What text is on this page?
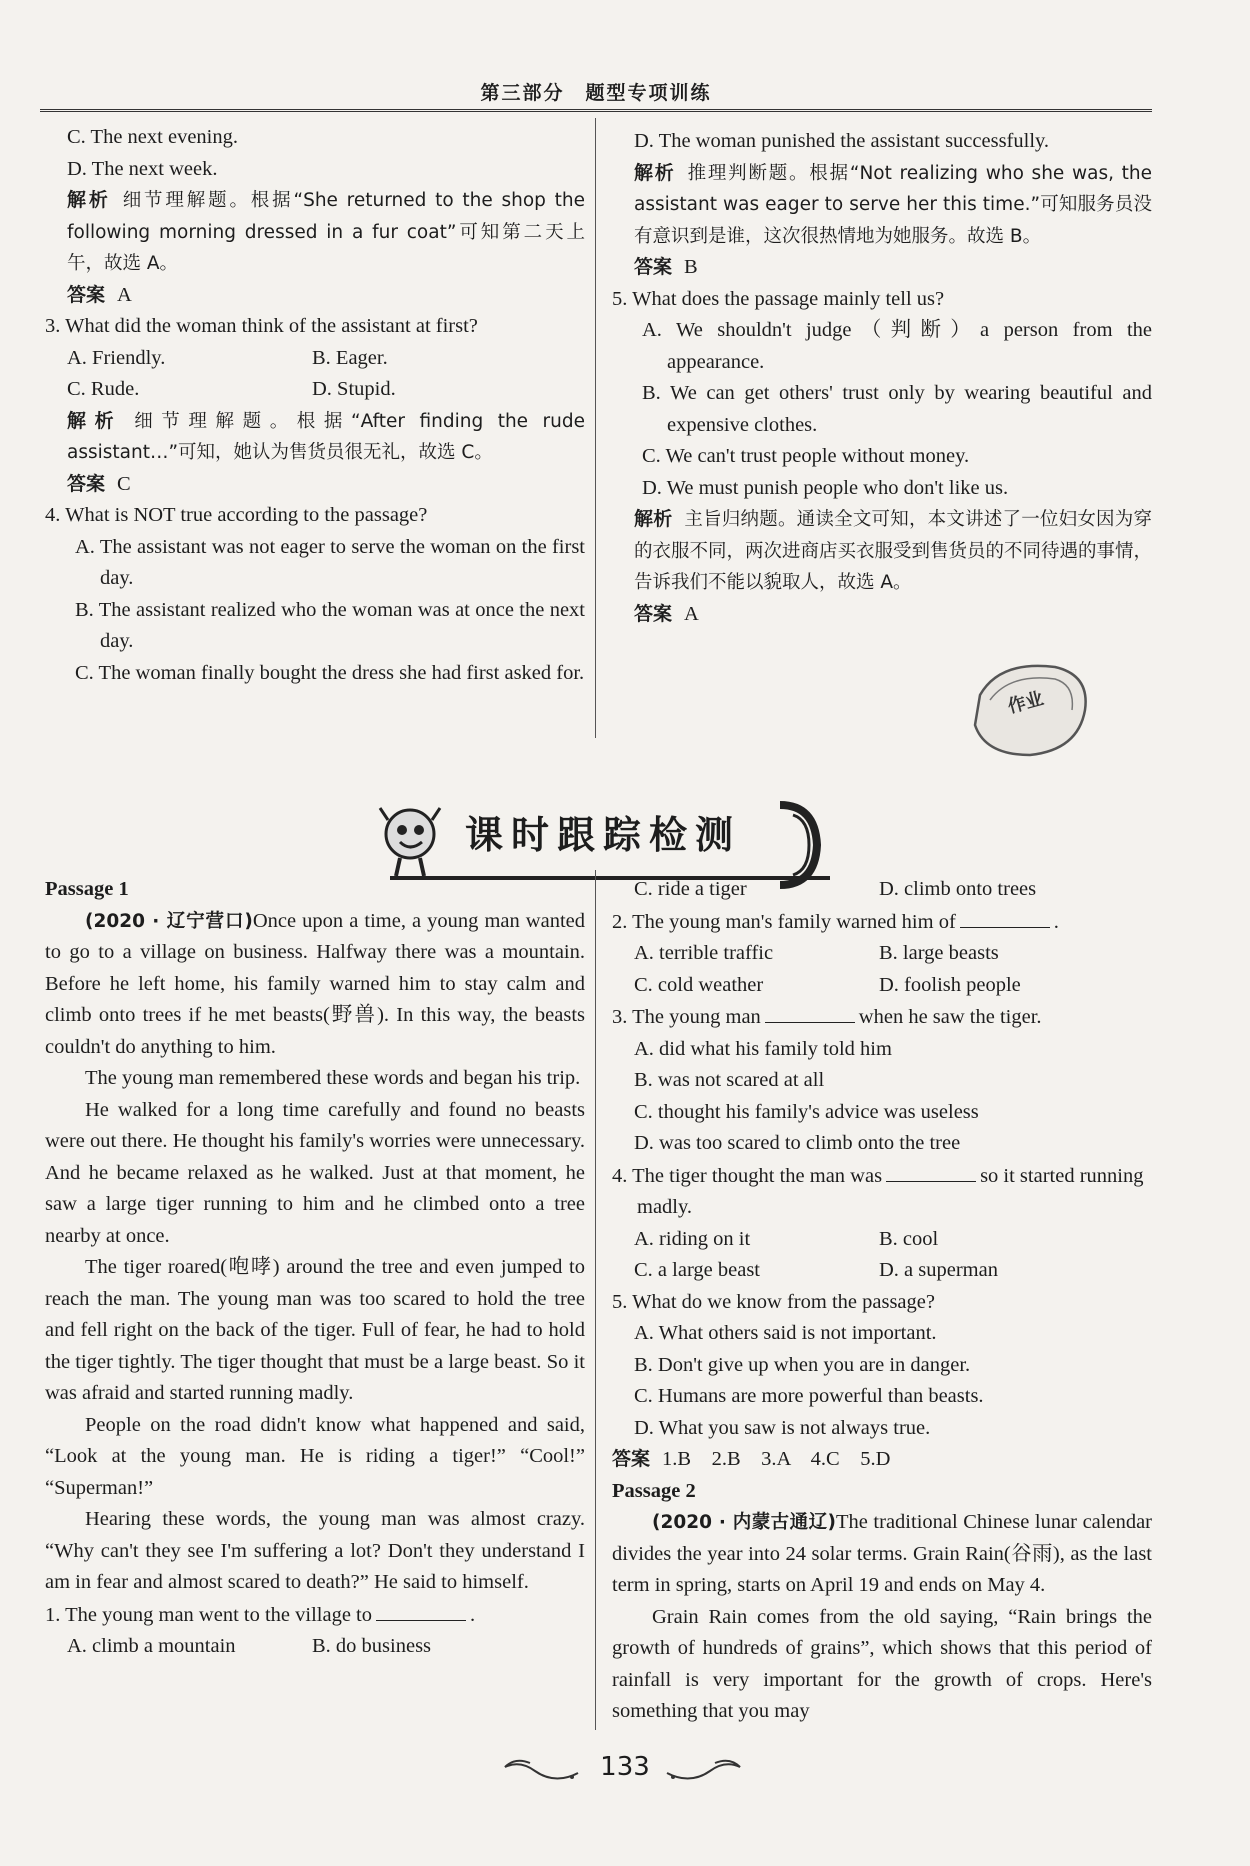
第三部分　题型专项训练

C. The next evening.

D. The next week.

解析 细节理解题。根据“She returned to the shop the following morning dressed in a fur coat”可知第二天上午，故选 A。

答案 A

3. What did the woman think of the assistant at first?

A. Friendly.	B. Eager.

C. Rude.	D. Stupid.

解析 细节理解题。根据“After finding the rude assistant…”可知，她认为售货员很无礼，故选 C。

答案 C

4. What is NOT true according to the passage?

A. The assistant was not eager to serve the woman on the first day.

B. The assistant realized who the woman was at once the next day.

C. The woman finally bought the dress she had first asked for.

D. The woman punished the assistant successfully.

解析 推理判断题。根据“Not realizing who she was, the assistant was eager to serve her this time.”可知服务员没有意识到是谁，这次很热情地为她服务。故选 B。

答案 B

5. What does the passage mainly tell us?

A. We shouldn't judge（判断）a person from the appearance.

B. We can get others' trust only by wearing beautiful and expensive clothes.

C. We can't trust people without money.

D. We must punish people who don't like us.

解析 主旨归纳题。通读全文可知，本文讲述了一位妇女因为穿的衣服不同，两次进商店买衣服受到售货员的不同待遇的事情，告诉我们不能以貌取人，故选 A。

答案 A

作业
课时跟踪检测

Passage 1

(2020 · 辽宁营口)Once upon a time, a young man wanted to go to a village on business. Halfway there was a mountain. Before he left home, his family warned him to stay calm and climb onto trees if he met beasts(野兽). In this way, the beasts couldn't do anything to him.

The young man remembered these words and began his trip.

He walked for a long time carefully and found no beasts were out there. He thought his family's worries were unnecessary. And he became relaxed as he walked. Just at that moment, he saw a large tiger running to him and he climbed onto a tree nearby at once.

The tiger roared(咆哮) around the tree and even jumped to reach the man. The young man was too scared to hold the tree and fell right on the back of the tiger. Full of fear, he had to hold the tiger tightly. The tiger thought that must be a large beast. So it was afraid and started running madly.

People on the road didn't know what happened and said, “Look at the young man. He is riding a tiger!” “Cool!” “Superman!”

Hearing these words, the young man was almost crazy. “Why can't they see I'm suffering a lot? Don't they understand I am in fear and almost scared to death?” He said to himself.

1. The young man went to the village to	.

A. climb a mountain	B. do business

C. ride a tiger	D. climb onto trees

2. The young man's family warned him of	.

A. terrible traffic	B. large beasts

C. cold weather	D. foolish people

3. The young man	when he saw the tiger.

A. did what his family told him

B. was not scared at all

C. thought his family's advice was useless

D. was too scared to climb onto the tree

4. The tiger thought the man was	so it started running madly.

A. riding on it	B. cool

C. a large beast	D. a superman

5. What do we know from the passage?

A. What others said is not important.

B. Don't give up when you are in danger.

C. Humans are more powerful than beasts.

D. What you saw is not always true.

答案 1.B　2.B　3.A　4.C　5.D

Passage 2

(2020 · 内蒙古通辽)The traditional Chinese lunar calendar divides the year into 24 solar terms. Grain Rain(谷雨), as the last term in spring, starts on April 19 and ends on May 4.

Grain Rain comes from the old saying, “Rain brings the growth of hundreds of grains”, which shows that this period of rainfall is very important for the growth of crops. Here's something that you may

133
